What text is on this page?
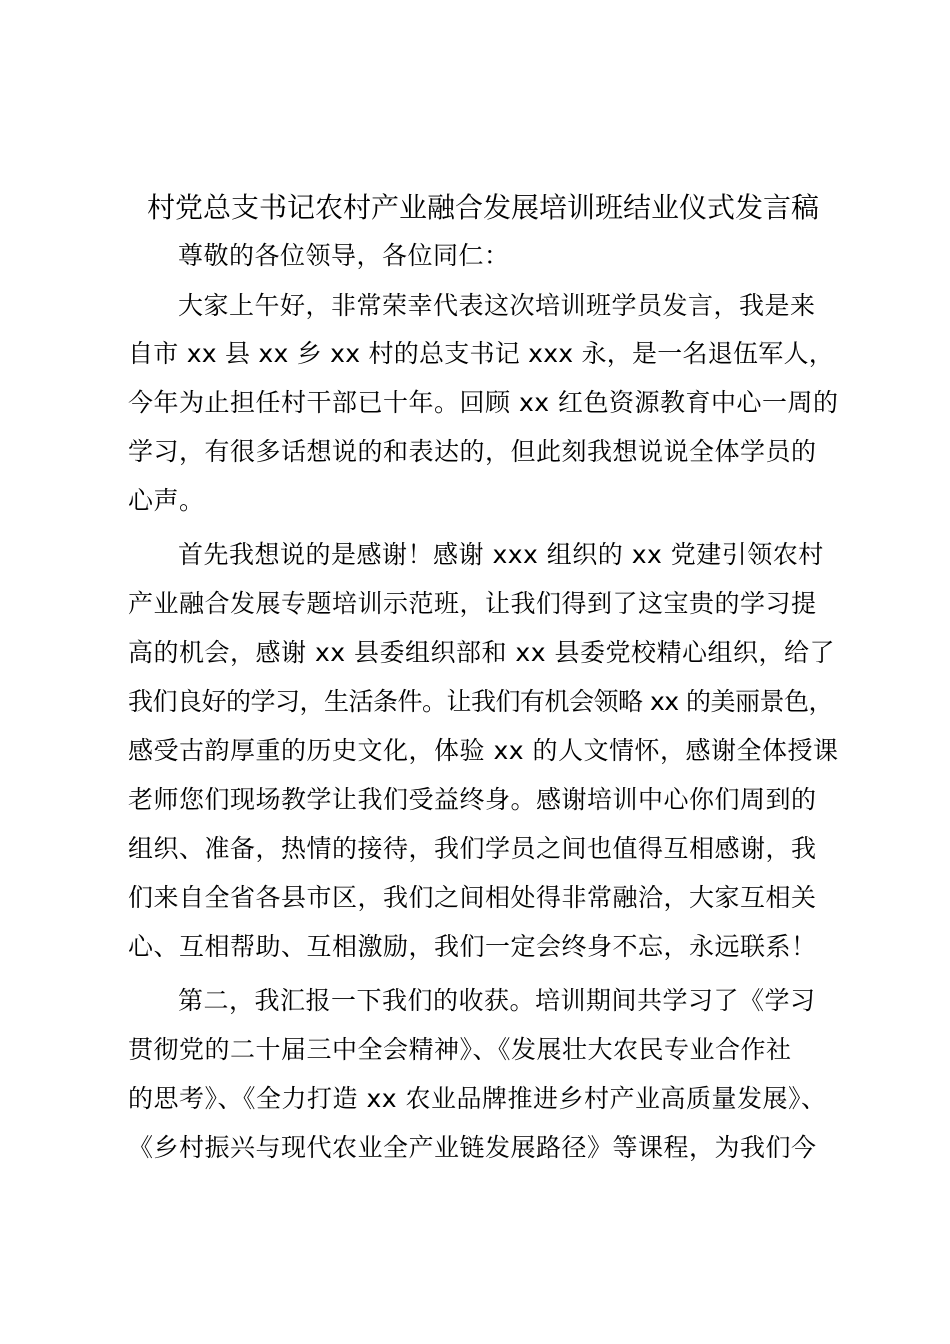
村党总支书记农村产业融合发展培训班结业仪式发言稿
尊敬的各位领导，各位同仁：
大家上午好，非常荣幸代表这次培训班学员发言，我是来
自市 xx 县 xx 乡 xx 村的总支书记 xxx 永，是一名退伍军人，
今年为止担任村干部已十年。回顾 xx 红色资源教育中心一周的
学习，有很多话想说的和表达的，但此刻我想说说全体学员的
心声。
首先我想说的是感谢！感谢 xxx 组织的 xx 党建引领农村
产业融合发展专题培训示范班，让我们得到了这宝贵的学习提
高的机会，感谢 xx 县委组织部和 xx 县委党校精心组织，给了
我们良好的学习，生活条件。让我们有机会领略 xx 的美丽景色，
感受古韵厚重的历史文化，体验 xx 的人文情怀，感谢全体授课
老师您们现场教学让我们受益终身。感谢培训中心你们周到的
组织、准备，热情的接待，我们学员之间也值得互相感谢，我
们来自全省各县市区，我们之间相处得非常融洽，大家互相关
心、互相帮助、互相激励，我们一定会终身不忘，永远联系！
第二，我汇报一下我们的收获。培训期间共学习了《学习
贯彻党的二十届三中全会精神》、《发展壮大农民专业合作社
的思考》、《全力打造 xx 农业品牌推进乡村产业高质量发展》、
《乡村振兴与现代农业全产业链发展路径》等课程，为我们今
